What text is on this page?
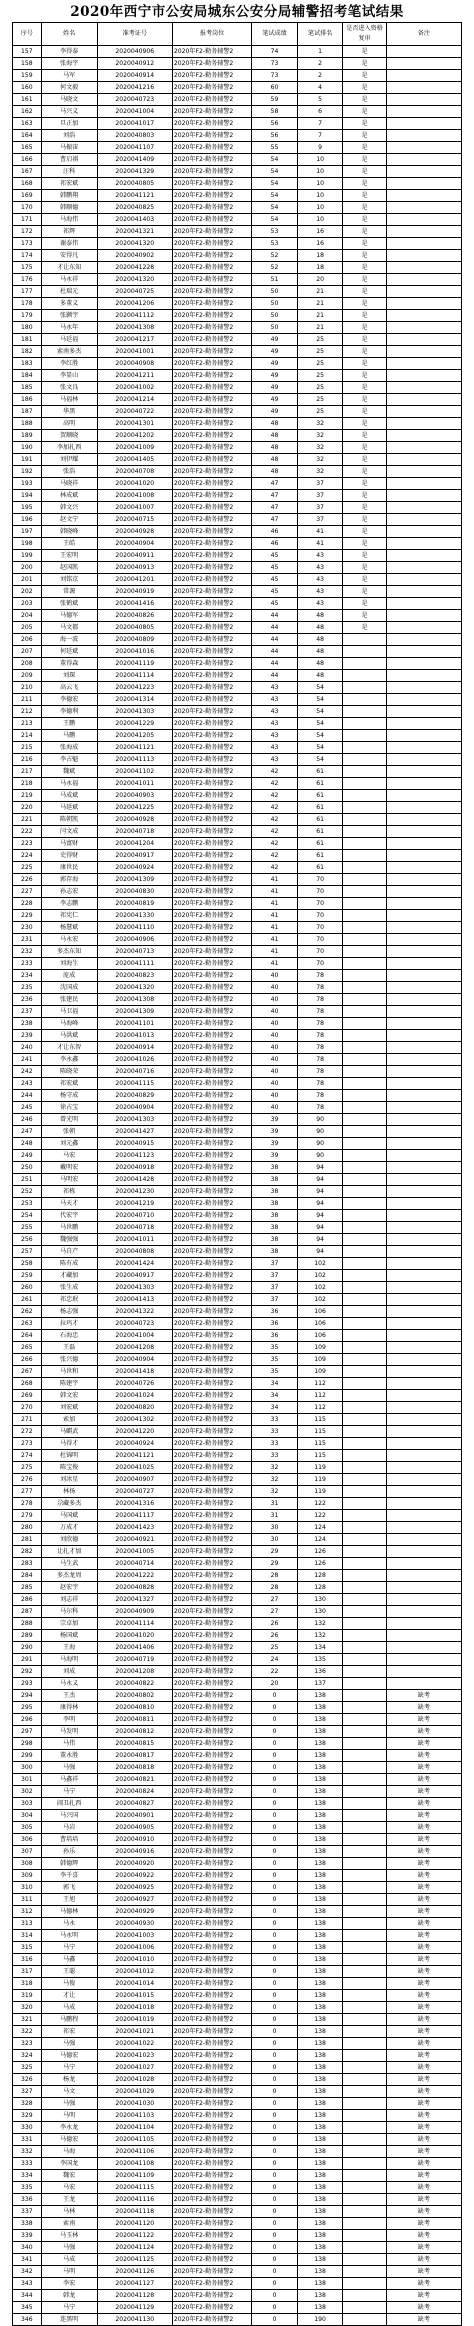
2020年西宁市公安局城东公安分局辅警招考笔试结果
序号	姓名	准考证号	报考岗位	笔试成绩	笔试排名	是否进入资格复审	备注
157	李得泰	2020040906	2020年F2-勤务辅警2	74	1	是	
158	张海宇	2020040912	2020年F2-勤务辅警2	73	2	是	
159	马军	2020040914	2020年F2-勤务辅警2	73	2	是	
160	何文毅	2020041216	2020年F2-勤务辅警2	60	4	是	
161	马晓文	2020040723	2020年F2-勤务辅警2	59	5	是	
162	马兴义	2020041004	2020年F2-勤务辅警2	58	6	是	
163	旦正加	2020041017	2020年F2-勤务辅警2	56	7	是	
164	刘浩	2020040803	2020年F2-勤务辅警2	56	7	是	
165	马振宙	2020041107	2020年F2-勤务辅警2	55	9	是	
166	曹启祺	2020041409	2020年F2-勤务辅警2	54	10	是	
167	汪科	2020041329	2020年F2-勤务辅警2	54	10	是	
168	祁宏斌	2020040805	2020年F2-勤务辅警2	54	10	是	
169	韩鹏翔	2020041121	2020年F2-勤务辅警2	54	10	是	
170	韩顺德	2020040825	2020年F2-勤务辅警2	54	10	是	
171	马海伟	2020041403	2020年F2-勤务辅警2	54	10	是	
172	祁辉	2020041321	2020年F2-勤务辅警2	53	16	是	
173	谢泰伟	2020041320	2020年F2-勤务辅警2	53	16	是	
174	安得凡	2020040902	2020年F2-勤务辅警2	52	18	是	
175	才让东知	2020041228	2020年F2-勤务辅警2	52	18	是	
176	马永祥	2020041320	2020年F2-勤务辅警2	51	20	是	
177	杜瑞元	2020040725	2020年F2-勤务辅警2	50	21	是	
178	多董义	2020041206	2020年F2-勤务辅警2	50	21	是	
179	张颢宇	2020041112	2020年F2-勤务辅警2	50	21	是	
180	马永年	2020041308	2020年F2-勤务辅警2	50	21	是	
181	马廷福	2020041217	2020年F2-勤务辅警2	49	25	是	
182	索南多杰	2020041001	2020年F2-勤务辅警2	49	25	是	
183	李红胜	2020040908	2020年F2-勤务辅警2	49	25	是	
184	李显山	2020041211	2020年F2-勤务辅警2	49	25	是	
185	张文良	2020041002	2020年F2-勤务辅警2	49	25	是	
186	马福林	2020041214	2020年F2-勤务辅警2	49	25	是	
187	华黑	2020040722	2020年F2-勤务辅警2	49	25	是	
188	高明	2020041301	2020年F2-勤务辅警2	48	32	是	
189	贺顺晓	2020041202	2020年F2-勤务辅警2	48	32	是	
190	李加扎西	2020041009	2020年F2-勤务辅警2	48	32	是	
191	刘伊耀	2020041405	2020年F2-勤务辅警2	48	32	是	
192	张浩	2020040708	2020年F2-勤务辅警2	48	32	是	
193	马晓祥	2020041020	2020年F2-勤务辅警2	47	37	是	
194	林成斌	2020041008	2020年F2-勤务辅警2	47	37	是	
195	韩文兴	2020041007	2020年F2-勤务辅警2	47	37	是	
196	赵文宁	2020040715	2020年F2-勤务辅警2	47	37	是	
197	韩晓峰	2020040928	2020年F2-勤务辅警2	46	41	是	
198	王皓	2020040904	2020年F2-勤务辅警2	46	41	是	
199	王宏明	2020040911	2020年F2-勤务辅警2	45	43	是	
200	赵国凯	2020040913	2020年F2-勤务辅警2	45	43	是	
201	刘铭京	2020041201	2020年F2-勤务辅警2	45	43	是	
202	常源	2020040919	2020年F2-勤务辅警2	45	43	是	
203	张鹤斌	2020041416	2020年F2-勤务辅警2	45	43	是	
204	马德军	2020040826	2020年F2-勤务辅警2	44	48	是	
205	马文都	2020040805	2020年F2-勤务辅警2	44	48	是	
206	海一波	2020040809	2020年F2-勤务辅警2	44	48		
207	何廷斌	2020041016	2020年F2-勤务辅警2	44	48		
208	董得森	2020041119	2020年F2-勤务辅警2	44	48		
209	刘琛	2020041114	2020年F2-勤务辅警2	44	48		
210	高云飞	2020041223	2020年F2-勤务辅警2	43	54		
211	李德宏	2020041314	2020年F2-勤务辅警2	43	54		
212	李德利	2020041303	2020年F2-勤务辅警2	43	54		
213	王鹏	2020041229	2020年F2-勤务辅警2	43	54		
214	马鹏	2020041205	2020年F2-勤务辅警2	43	54		
215	张海成	2020041121	2020年F2-勤务辅警2	43	54		
216	李占魁	2020041113	2020年F2-勤务辅警2	43	54		
217	魏斌	2020041102	2020年F2-勤务辅警2	42	61		
218	马永福	2020041011	2020年F2-勤务辅警2	42	61		
219	马成斌	2020040903	2020年F2-勤务辅警2	42	61		
220	马延斌	2020041225	2020年F2-勤务辅警2	42	61		
221	陈朝凯	2020040928	2020年F2-勤务辅警2	42	61		
222	闫文成	2020040718	2020年F2-勤务辅警2	42	61		
223	马富财	2020041204	2020年F2-勤务辅警2	42	61		
224	史得财	2020040917	2020年F2-勤务辅警2	42	61		
225	康世民	2020040924	2020年F2-勤务辅警2	42	61		
226	郭存海	2020041309	2020年F2-勤务辅警2	41	70		
227	孙志宏	2020040830	2020年F2-勤务辅警2	41	70		
228	李志鹏	2020040819	2020年F2-勤务辅警2	41	70		
229	祁宪仁	2020041330	2020年F2-勤务辅警2	41	70		
230	杨慧斌	2020041110	2020年F2-勤务辅警2	41	70		
231	马永宏	2020040906	2020年F2-勤务辅警2	41	70		
232	多杰东知	2020040713	2020年F2-勤务辅警2	41	70		
233	刘海生	2020041111	2020年F2-勤务辅警2	41	70		
234	庞成	2020040823	2020年F2-勤务辅警2	40	78		
235	沈国成	2020041320	2020年F2-勤务辅警2	40	78		
236	张建民	2020041308	2020年F2-勤务辅警2	40	78		
237	马卫福	2020041309	2020年F2-勤务辅警2	40	78		
238	马海峰	2020041101	2020年F2-勤务辅警2	40	78		
239	马洪斌	2020041013	2020年F2-勤务辅警2	40	78		
240	才让东智	2020040914	2020年F2-勤务辅警2	40	78		
241	李永鑫	2020041026	2020年F2-勤务辅警2	40	78		
242	陈晓荣	2020040716	2020年F2-勤务辅警2	40	78		
243	祁宏斌	2020041115	2020年F2-勤务辅警2	40	78		
244	杨守成	2020040829	2020年F2-勤务辅警2	40	78		
245	徐占宝	2020040904	2020年F2-勤务辅警2	40	78		
246	曾光明	2020041303	2020年F2-勤务辅警2	39	90		
247	张朝	2020041427	2020年F2-勤务辅警2	39	90		
248	刘元鑫	2020040915	2020年F2-勤务辅警2	39	90		
249	马宏	2020041123	2020年F2-勤务辅警2	39	90		
250	戴明宏	2020040918	2020年F2-勤务辅警2	38	94		
251	马明宏	2020041428	2020年F2-勤务辅警2	38	94		
252	祁栋	2020041230	2020年F2-勤务辅警2	38	94		
253	马天才	2020041219	2020年F2-勤务辅警2	38	94		
254	代宏宇	2020040710	2020年F2-勤务辅警2	38	94		
255	马世鹏	2020040718	2020年F2-勤务辅警2	38	94		
256	魏强强	2020041011	2020年F2-勤务辅警2	38	94		
257	马自产	2020040808	2020年F2-勤务辅警2	38	94		
258	陈有成	2020041424	2020年F2-勤务辅警2	37	102		
259	才藏加	2020040917	2020年F2-勤务辅警2	37	102		
260	张生成	2020041303	2020年F2-勤务辅警2	37	102		
261	祁忠珉	2020041413	2020年F2-勤务辅警2	37	102		
262	杨志强	2020041322	2020年F2-勤务辅警2	36	106		
263	拉玛才	2020040723	2020年F2-勤务辅警2	36	106		
264	石海忠	2020041004	2020年F2-勤务辅警2	36	106		
265	王磊	2020041208	2020年F2-勤务辅警2	35	109		
266	张兴德	2020040904	2020年F2-勤务辅警2	35	109		
267	马世和	2020041418	2020年F2-勤务辅警2	35	109		
268	陈建宇	2020040726	2020年F2-勤务辅警2	34	112		
269	韩文宏	2020041024	2020年F2-勤务辅警2	34	112		
270	刘宏斌	2020040820	2020年F2-勤务辅警2	34	112		
271	索加	2020041302	2020年F2-勤务辅警2	33	115		
272	马麒武	2020041220	2020年F2-勤务辅警2	33	115		
273	马得才	2020040924	2020年F2-勤务辅警2	33	115		
274	杜锦明	2020041121	2020年F2-勤务辅警2	33	115		
275	陈宝俊	2020041025	2020年F2-勤务辅警2	32	119		
276	刘冰星	2020040907	2020年F2-勤务辅警2	32	119		
277	林扬	2020040727	2020年F2-勤务辅警2	32	119		
278	尕藏多杰	2020041316	2020年F2-勤务辅警2	31	122		
279	马国斌	2020041117	2020年F2-勤务辅警2	31	122		
280	万成才	2020041423	2020年F2-勤务辅警2	30	124		
281	刘欣德	2020040921	2020年F2-勤务辅警2	30	124		
282	让扎才加	2020041005	2020年F2-勤务辅警2	29	126		
283	马生武	2020040714	2020年F2-勤务辅警2	29	126		
284	多杰龙周	2020041222	2020年F2-勤务辅警2	28	128		
285	赵宏宇	2020040828	2020年F2-勤务辅警2	28	128		
286	刘志祥	2020041327	2020年F2-勤务辅警2	27	130		
287	马尔科	2020040909	2020年F2-勤务辅警2	27	130		
288	宗卓加	2020041114	2020年F2-勤务辅警2	26	132		
289	杨国斌	2020041020	2020年F2-勤务辅警2	26	132		
290	王海	2020041406	2020年F2-勤务辅警2	25	134		
291	马海明	2020040719	2020年F2-勤务辅警2	24	135		
292	刘成	2020041208	2020年F2-勤务辅警2	22	136		
293	马永义	2020040822	2020年F2-勤务辅警2	20	137		
294	王杰	2020040802	2020年F2-勤务辅警2	0	138		缺考
295	康得林	2020040810	2020年F2-勤务辅警2	0	138		缺考
296	李明	2020040811	2020年F2-勤务辅警2	0	138		缺考
297	马发明	2020040812	2020年F2-勤务辅警2	0	138		缺考
298	马伟	2020040815	2020年F2-勤务辅警2	0	138		缺考
299	董永胜	2020040817	2020年F2-勤务辅警2	0	138		缺考
300	马强	2020040818	2020年F2-勤务辅警2	0	138		缺考
301	马鑫祥	2020040821	2020年F2-勤务辅警2	0	138		缺考
302	马宁	2020040824	2020年F2-勤务辅警2	0	138		缺考
303	闹丑扎西	2020040827	2020年F2-勤务辅警2	0	138		缺考
304	马兴国	2020040901	2020年F2-勤务辅警2	0	138		缺考
305	马岩	2020040905	2020年F2-勤务辅警2	0	138		缺考
306	曹培培	2020040910	2020年F2-勤务辅警2	0	138		缺考
307	孙乐	2020040916	2020年F2-勤务辅警2	0	138		缺考
308	韩德辉	2020040920	2020年F2-勤务辅警2	0	138		缺考
309	李千喜	2020040922	2020年F2-勤务辅警2	0	138		缺考
310	郭飞	2020040925	2020年F2-勤务辅警2	0	138		缺考
311	王旭	2020040927	2020年F2-勤务辅警2	0	138		缺考
312	马德林	2020040929	2020年F2-勤务辅警2	0	138		缺考
313	马永	2020040930	2020年F2-勤务辅警2	0	138		缺考
314	马永明	2020041003	2020年F2-勤务辅警2	0	138		缺考
315	马宁	2020041006	2020年F2-勤务辅警2	0	138		缺考
316	马鑫	2020041010	2020年F2-勤务辅警2	0	138		缺考
317	王聪	2020041012	2020年F2-勤务辅警2	0	138		缺考
318	马俊	2020041014	2020年F2-勤务辅警2	0	138		缺考
319	才让	2020041015	2020年F2-勤务辅警2	0	138		缺考
320	马成	2020041018	2020年F2-勤务辅警2	0	138		缺考
321	马鹏程	2020041019	2020年F2-勤务辅警2	0	138		缺考
322	祁宏	2020041021	2020年F2-勤务辅警2	0	138		缺考
323	马强	2020041022	2020年F2-勤务辅警2	0	138		缺考
324	马德宏	2020041023	2020年F2-勤务辅警2	0	138		缺考
325	马宁	2020041027	2020年F2-勤务辅警2	0	138		缺考
326	杨龙	2020041028	2020年F2-勤务辅警2	0	138		缺考
327	马文	2020041029	2020年F2-勤务辅警2	0	138		缺考
328	马强	2020041030	2020年F2-勤务辅警2	0	138		缺考
329	马明	2020041103	2020年F2-勤务辅警2	0	138		缺考
330	李永龙	2020041104	2020年F2-勤务辅警2	0	138		缺考
331	马德宏	2020041105	2020年F2-勤务辅警2	0	138		缺考
332	马海	2020041106	2020年F2-勤务辅警2	0	138		缺考
333	李国龙	2020041108	2020年F2-勤务辅警2	0	138		缺考
334	魏宏	2020041109	2020年F2-勤务辅警2	0	138		缺考
335	马宏	2020041115	2020年F2-勤务辅警2	0	138		缺考
336	王龙	2020041116	2020年F2-勤务辅警2	0	138		缺考
337	马林	2020041118	2020年F2-勤务辅警2	0	138		缺考
338	索南	2020041120	2020年F2-勤务辅警2	0	138		缺考
339	马玉林	2020041122	2020年F2-勤务辅警2	0	138		缺考
340	马强	2020041124	2020年F2-勤务辅警2	0	138		缺考
341	马成	2020041125	2020年F2-勤务辅警2	0	138		缺考
342	马明	2020041126	2020年F2-勤务辅警2	0	138		缺考
343	李宏	2020041127	2020年F2-勤务辅警2	0	138		缺考
344	韩龙	2020041128	2020年F2-勤务辅警2	0	138		缺考
345	马宁	2020041129	2020年F2-勤务辅警2	0	138		缺考
346	连黑明	2020041130	2020年F2-勤务辅警2	0	190		缺考
